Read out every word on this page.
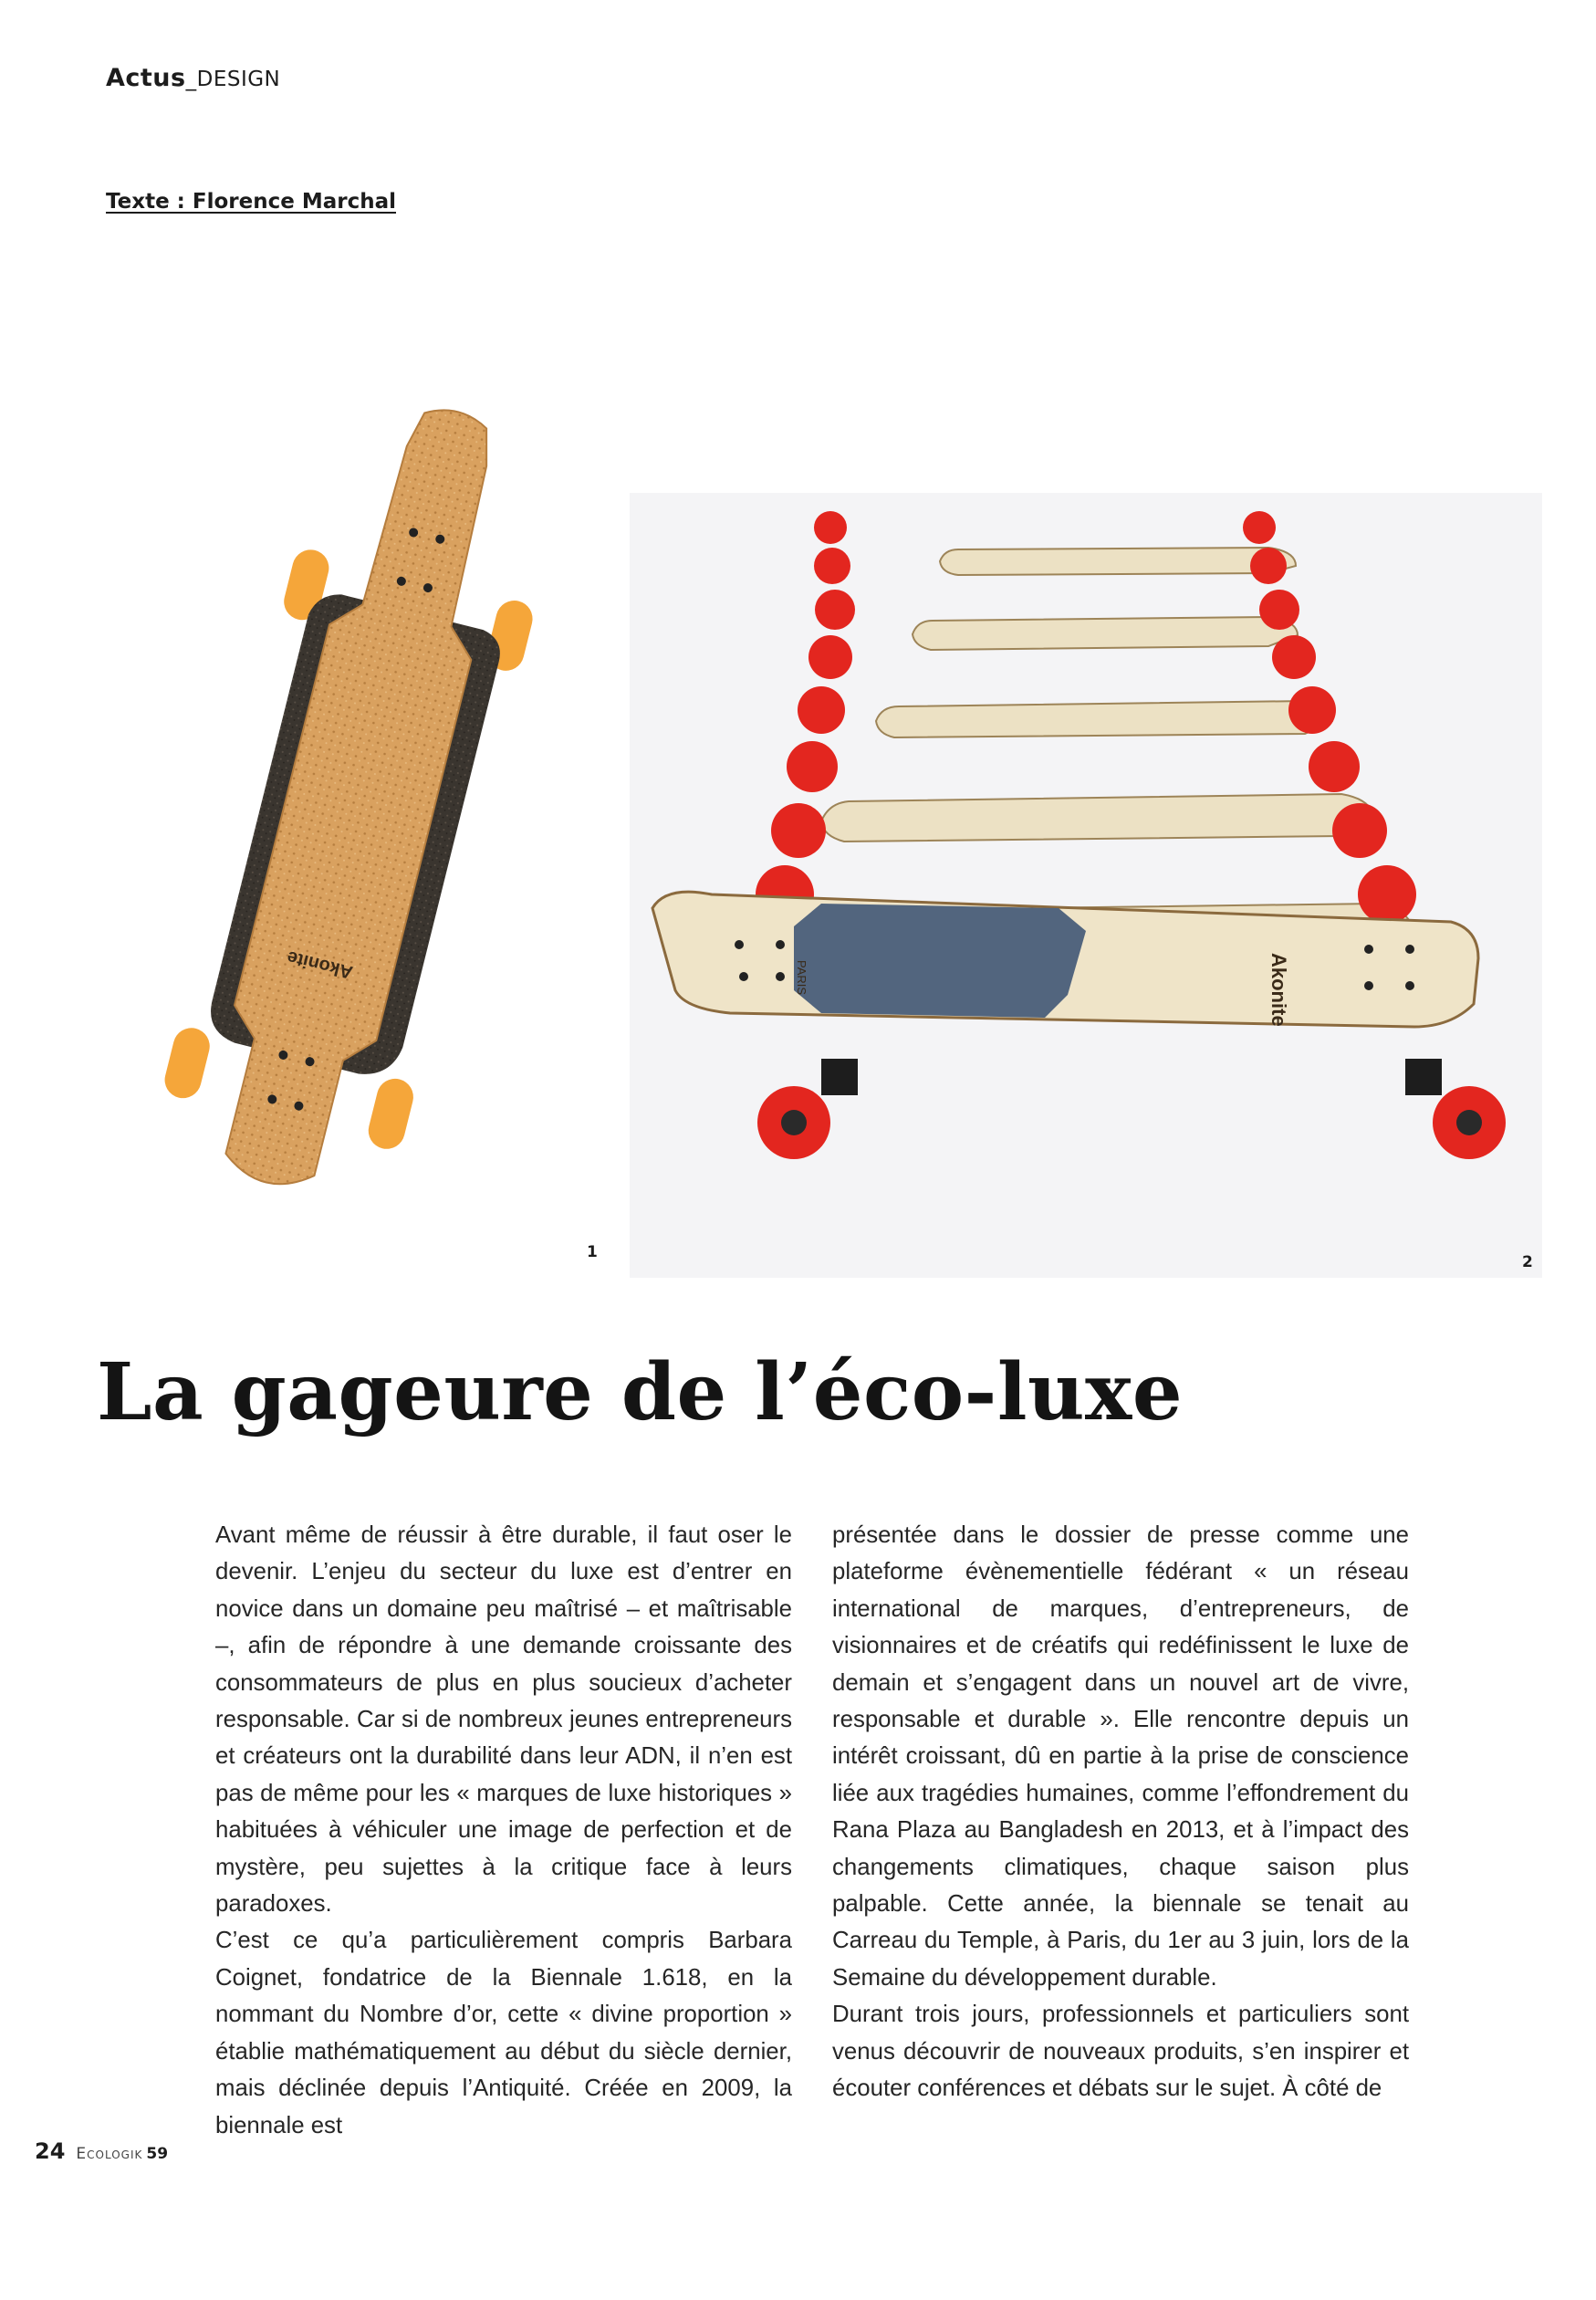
Actus_DESIGN
Texte : Florence Marchal
Akonite
1
PARIS	Akonite
2
La gageure de l’éco-luxe

Avant même de réussir à être durable, il faut oser le devenir. L’enjeu du secteur du luxe est d’entrer en novice dans un domaine peu maîtrisé – et maîtrisable –, afin de répondre à une demande croissante des consommateurs de plus en plus soucieux d’acheter responsable. Car si de nombreux jeunes entrepreneurs et créateurs ont la durabilité dans leur ADN, il n’en est pas de même pour les « marques de luxe historiques » habituées à véhiculer une image de perfection et de mystère, peu sujettes à la critique face à leurs paradoxes.

C’est ce qu’a particulièrement compris Barbara Coignet, fondatrice de la Biennale 1.618, en la nommant du Nombre d’or, cette « divine proportion » établie mathématiquement au début du siècle dernier, mais déclinée depuis l’Antiquité. Créée en 2009, la biennale est

présentée dans le dossier de presse comme une plateforme évènementielle fédérant « un réseau international de marques, d’entrepreneurs, de visionnaires et de créatifs qui redéfinissent le luxe de demain et s’engagent dans un nouvel art de vivre, responsable et durable ». Elle rencontre depuis un intérêt croissant, dû en partie à la prise de conscience liée aux tragédies humaines, comme l’effondrement du Rana Plaza au Bangladesh en 2013, et à l’impact des changements climatiques, chaque saison plus palpable. Cette année, la biennale se tenait au Carreau du Temple, à Paris, du 1er au 3 juin, lors de la Semaine du développement durable.

Durant trois jours, professionnels et particuliers sont venus découvrir de nouveaux produits, s’en inspirer et écouter conférences et débats sur le sujet. À côté de

24 Ecologik 59
